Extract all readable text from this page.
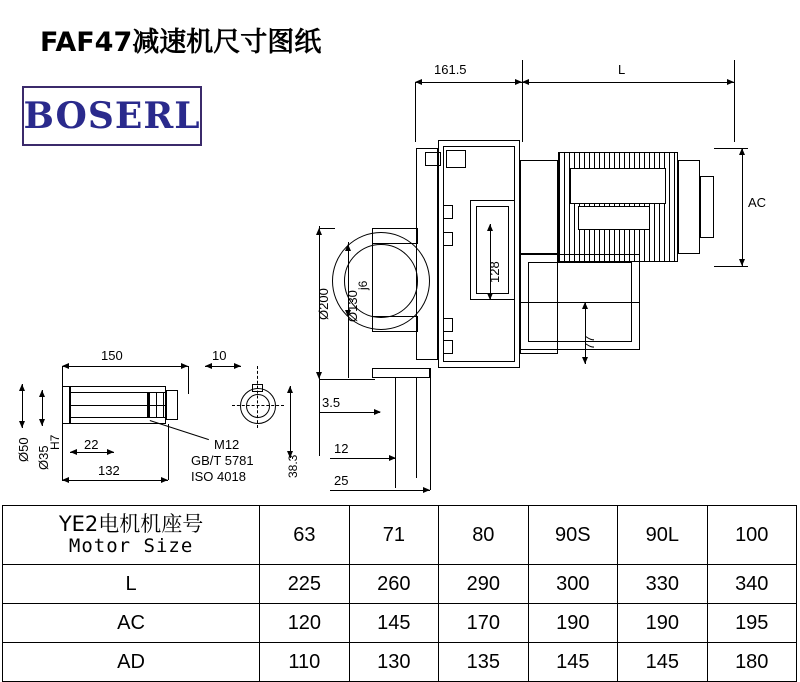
FAF47减速机尺寸图纸
BOSERL
161.5	L
AC
Ø200 Ø130
j6
128
77
3.5
12
25
150	10
Ø50 Ø35
H7 22
132	38.3
M12
GB/T 5781
ISO 4018
YE2电机机座号
Motor Size	63	71	80	90S	90L	100
L	225	260	290	300	330	340
AC	120	145	170	190	190	195
AD	110	130	135	145	145	180
